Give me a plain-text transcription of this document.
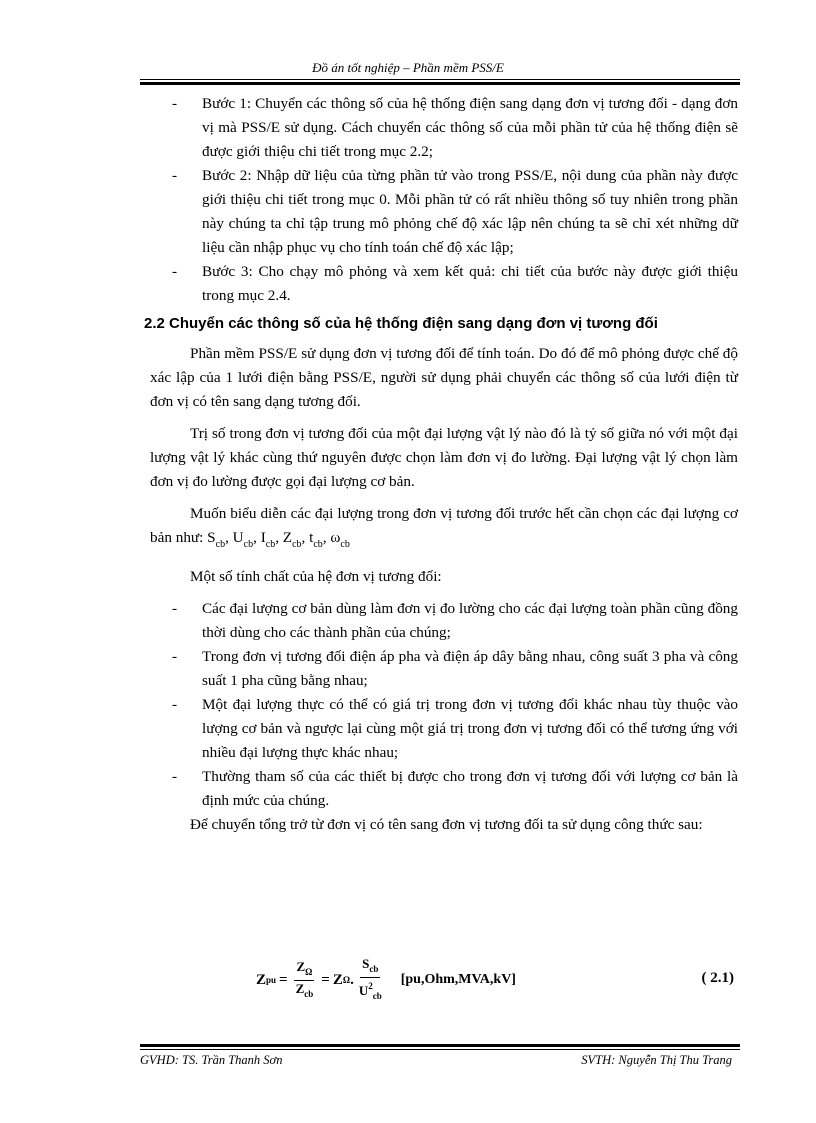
Đồ án tốt nghiệp – Phần mềm PSS/E
- Bước 1: Chuyển các thông số của hệ thống điện sang dạng đơn vị tương đối - dạng đơn vị mà PSS/E sử dụng. Cách chuyển các thông số của mỗi phần tử của hệ thống điện sẽ được giới thiệu chi tiết trong mục 2.2;
- Bước 2: Nhập dữ liệu của từng phần tử vào trong PSS/E, nội dung của phần này được giới thiệu chi tiết trong mục 0. Mỗi phần tử có rất nhiều thông số tuy nhiên trong phần này chúng ta chỉ tập trung mô phỏng chế độ xác lập nên chúng ta sẽ chỉ xét những dữ liệu cần nhập phục vụ cho tính toán chế độ xác lập;
- Bước 3: Cho chạy mô phỏng và xem kết quả: chi tiết của bước này được giới thiệu trong mục 2.4.
2.2 Chuyển các thông số của hệ thống điện sang dạng đơn vị tương đối

Phần mềm PSS/E sử dụng đơn vị tương đối để tính toán. Do đó để mô phỏng được chế độ xác lập của 1 lưới điện bằng PSS/E, người sử dụng phải chuyển các thông số của lưới điện từ đơn vị có tên sang dạng tương đối.

Trị số trong đơn vị tương đối của một đại lượng vật lý nào đó là tỷ số giữa nó với một đại lượng vật lý khác cùng thứ nguyên được chọn làm đơn vị đo lường. Đại lượng vật lý chọn làm đơn vị đo lường được gọi đại lượng cơ bản.

Muốn biểu diễn các đại lượng trong đơn vị tương đối trước hết cần chọn các đại lượng cơ bản như: $S_{cb}$, $U_{cb}$, $I_{cb}$, $Z_{cb}$, $t_{cb}$, $\omega_{cb}$

Một số tính chất của hệ đơn vị tương đối:

- Các đại lượng cơ bản dùng làm đơn vị đo lường cho các đại lượng toàn phần cũng đồng thời dùng cho các thành phần của chúng;
- Trong đơn vị tương đối điện áp pha và điện áp dây bằng nhau, công suất 3 pha và công suất 1 pha cũng bằng nhau;
- Một đại lượng thực có thể có giá trị trong đơn vị tương đối khác nhau tùy thuộc vào lượng cơ bản và ngược lại cùng một giá trị trong đơn vị tương đối có thể tương ứng với nhiều đại lượng thực khác nhau;
- Thường tham số của các thiết bị được cho trong đơn vị tương đối với lượng cơ bản là định mức của chúng.

Để chuyển tổng trở từ đơn vị có tên sang đơn vị tương đối ta sử dụng công thức sau:

Z pu = $\frac{Z_\Omega}{Z_{cb}} = Z$ Ω . $\frac{S_{cb}}{U^2_{cb}} [pu,Ohm,MVA,kV]$	( 2.1)
GVHD: TS. Trần Thanh Sơn	SVTH: Nguyễn Thị Thu Trang
